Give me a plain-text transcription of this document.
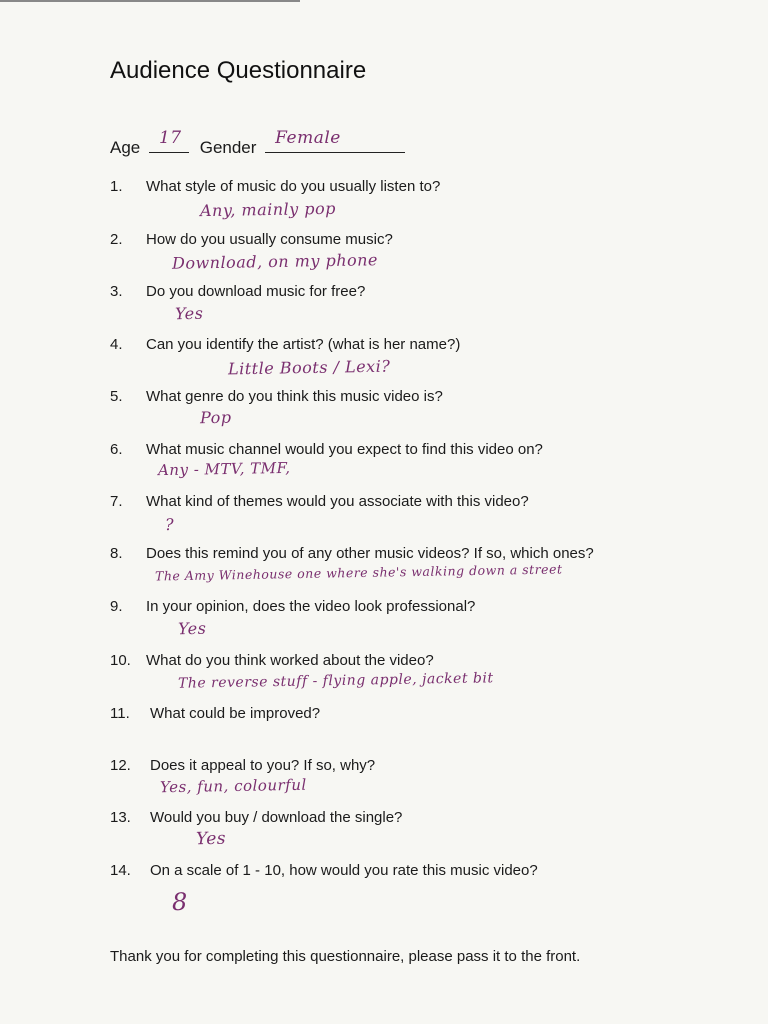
Audience Questionnaire
Age 17 Gender Female
1. What style of music do you usually listen to?
Any, mainly pop
2. How do you usually consume music?
Download, on my phone
3. Do you download music for free?
Yes
4. Can you identify the artist? (what is her name?)
Little Boots / Lexi?
5. What genre do you think this music video is?
Pop
6. What music channel would you expect to find this video on?
Any - MTV, TMF,
7. What kind of themes would you associate with this video?
?
8. Does this remind you of any other music videos? If so, which ones?
The Amy Winehouse one where she's walking down a street
9. In your opinion, does the video look professional?
Yes
10. What do you think worked about the video?
The reverse stuff - flying apple, jacket bit
11. What could be improved?
12. Does it appeal to you? If so, why?
Yes, fun, colourful
13. Would you buy / download the single?
Yes
14. On a scale of 1 - 10, how would you rate this music video?
8
Thank you for completing this questionnaire, please pass it to the front.
